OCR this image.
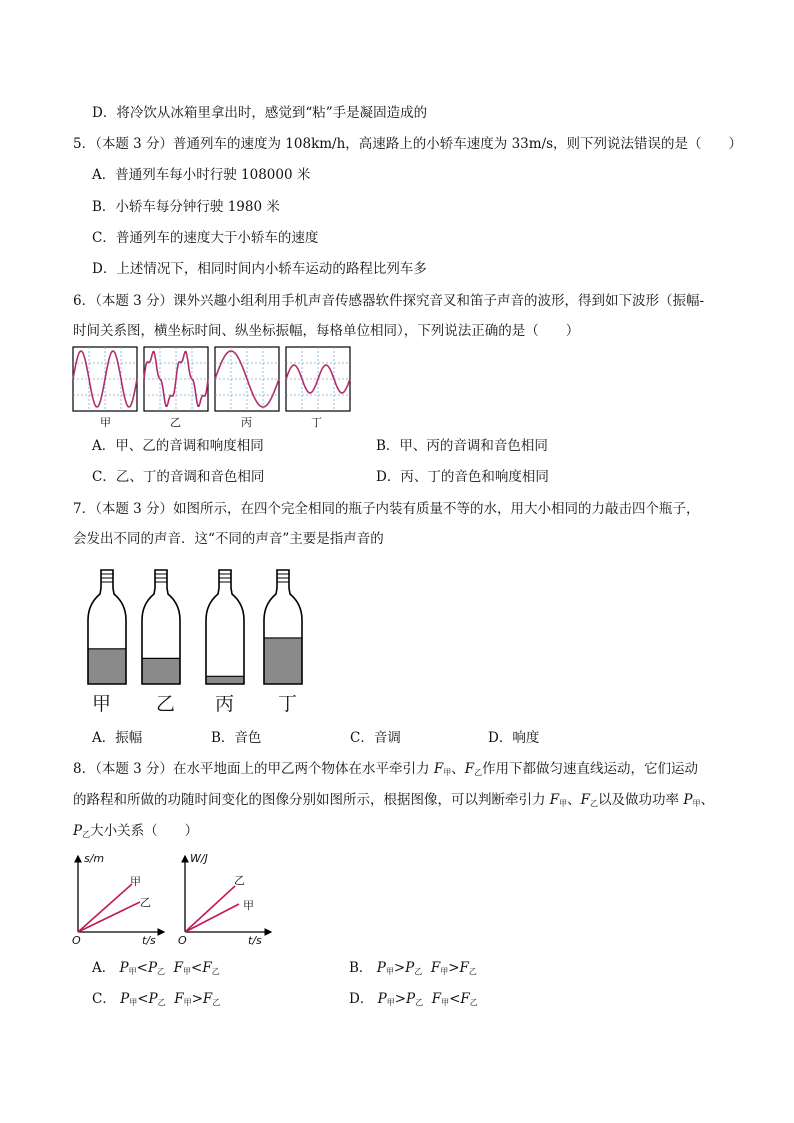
D．将冷饮从冰箱里拿出时，感觉到“粘”手是凝固造成的
5．（本题 3 分）普通列车的速度为 108km/h，高速路上的小轿车速度为 33m/s，则下列说法错误的是（　　）
A．普通列车每小时行驶 108000 米
B．小轿车每分钟行驶 1980 米
C．普通列车的速度大于小轿车的速度
D．上述情况下，相同时间内小轿车运动的路程比列车多
6．（本题 3 分）课外兴趣小组利用手机声音传感器软件探究音叉和笛子声音的波形，得到如下波形（振幅-
时间关系图，横坐标时间、纵坐标振幅，每格单位相同），下列说法正确的是（　　）
甲	乙	丙	丁
A．甲、乙的音调和响度相同	B．甲、丙的音调和音色相同
C．乙、丁的音调和音色相同	D．丙、丁的音色和响度相同
7．（本题 3 分）如图所示，在四个完全相同的瓶子内装有质量不等的水，用大小相同的力敲击四个瓶子，
会发出不同的声音．这“不同的声音”主要是指声音的
甲 乙 丙 丁
A．振幅	B．音色	C．音调	D．响度
8．（本题 3 分）在水平地面上的甲乙两个物体在水平牵引力 $F_甲$、$F_乙$作用下都做匀速直线运动，它们运动
的路程和所做的功随时间变化的图像分别如图所示，根据图像，可以判断牵引力 $F_甲$、$F_乙$以及做功功率 $P_甲$、
$P_乙$大小关系（　　）
s/m
t/s
O
甲
乙
W/J
t/s
O
乙
甲
A． $P_甲<P_乙$ $F_甲<F_乙$	B． $P_甲>P_乙$ $F_甲>F_乙$
C． $P_甲<P_乙$ $F_甲>F_乙$	D． $P_甲>P_乙$ $F_甲<F_乙$
